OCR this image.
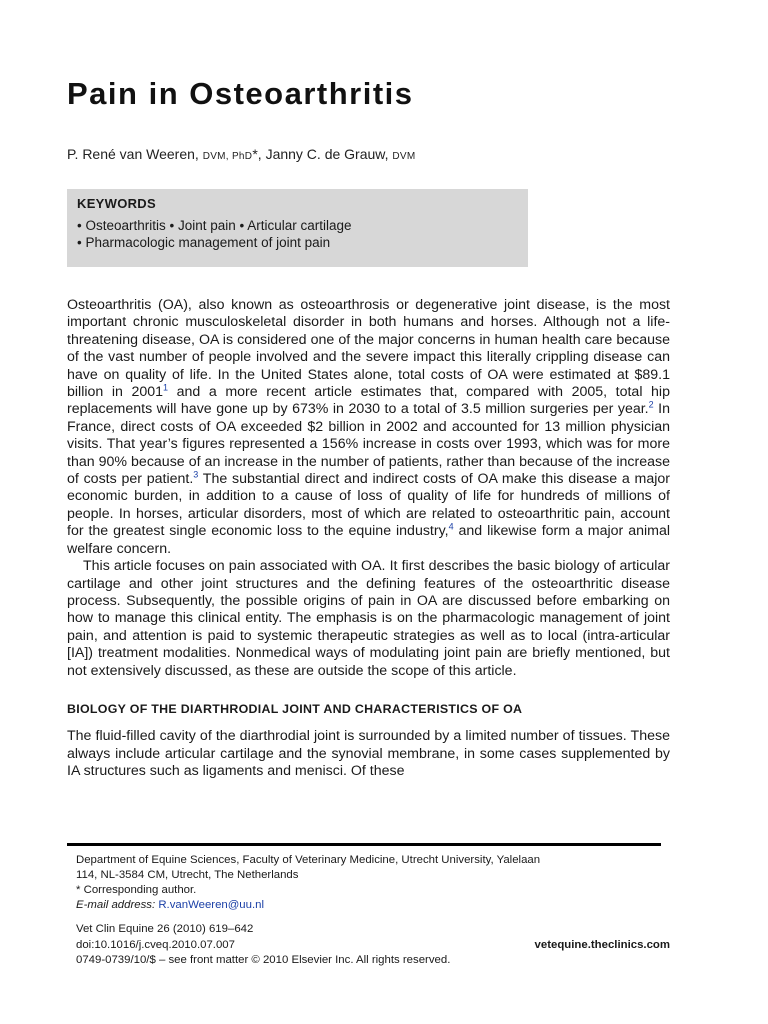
Pain in Osteoarthritis
P. René van Weeren, DVM, PhD*, Janny C. de Grauw, DVM
KEYWORDS
• Osteoarthritis • Joint pain • Articular cartilage
• Pharmacologic management of joint pain

Osteoarthritis (OA), also known as osteoarthrosis or degenerative joint disease, is the most important chronic musculoskeletal disorder in both humans and horses. Although not a life-threatening disease, OA is considered one of the major concerns in human health care because of the vast number of people involved and the severe impact this literally crippling disease can have on quality of life. In the United States alone, total costs of OA were estimated at $89.1 billion in 2001$^1$ and a more recent article estimates that, compared with 2005, total hip replacements will have gone up by 673% in 2030 to a total of 3.5 million surgeries per year.$^2$ In France, direct costs of OA exceeded $2 billion in 2002 and accounted for 13 million physician visits. That year’s figures represented a 156% increase in costs over 1993, which was for more than 90% because of an increase in the number of patients, rather than because of the increase of costs per patient.$^3$ The substantial direct and indirect costs of OA make this disease a major economic burden, in addition to a cause of loss of quality of life for hundreds of millions of people. In horses, articular disorders, most of which are related to osteoarthritic pain, account for the greatest single economic loss to the equine industry,$^4$ and likewise form a major animal welfare concern.

This article focuses on pain associated with OA. It first describes the basic biology of articular cartilage and other joint structures and the defining features of the osteoarthritic disease process. Subsequently, the possible origins of pain in OA are discussed before embarking on how to manage this clinical entity. The emphasis is on the pharmacologic management of joint pain, and attention is paid to systemic therapeutic strategies as well as to local (intra-articular [IA]) treatment modalities. Nonmedical ways of modulating joint pain are briefly mentioned, but not extensively discussed, as these are outside the scope of this article.

BIOLOGY OF THE DIARTHRODIAL JOINT AND CHARACTERISTICS OF OA

The fluid-filled cavity of the diarthrodial joint is surrounded by a limited number of tissues. These always include articular cartilage and the synovial membrane, in some cases supplemented by IA structures such as ligaments and menisci. Of these

Department of Equine Sciences, Faculty of Veterinary Medicine, Utrecht University, Yalelaan
114, NL-3584 CM, Utrecht, The Netherlands
* Corresponding author.
E-mail address: R.vanWeeren@uu.nl
Vet Clin Equine 26 (2010) 619–642
doi:10.1016/j.cveq.2010.07.007	vetequine.theclinics.com
0749-0739/10/$ – see front matter © 2010 Elsevier Inc. All rights reserved.
